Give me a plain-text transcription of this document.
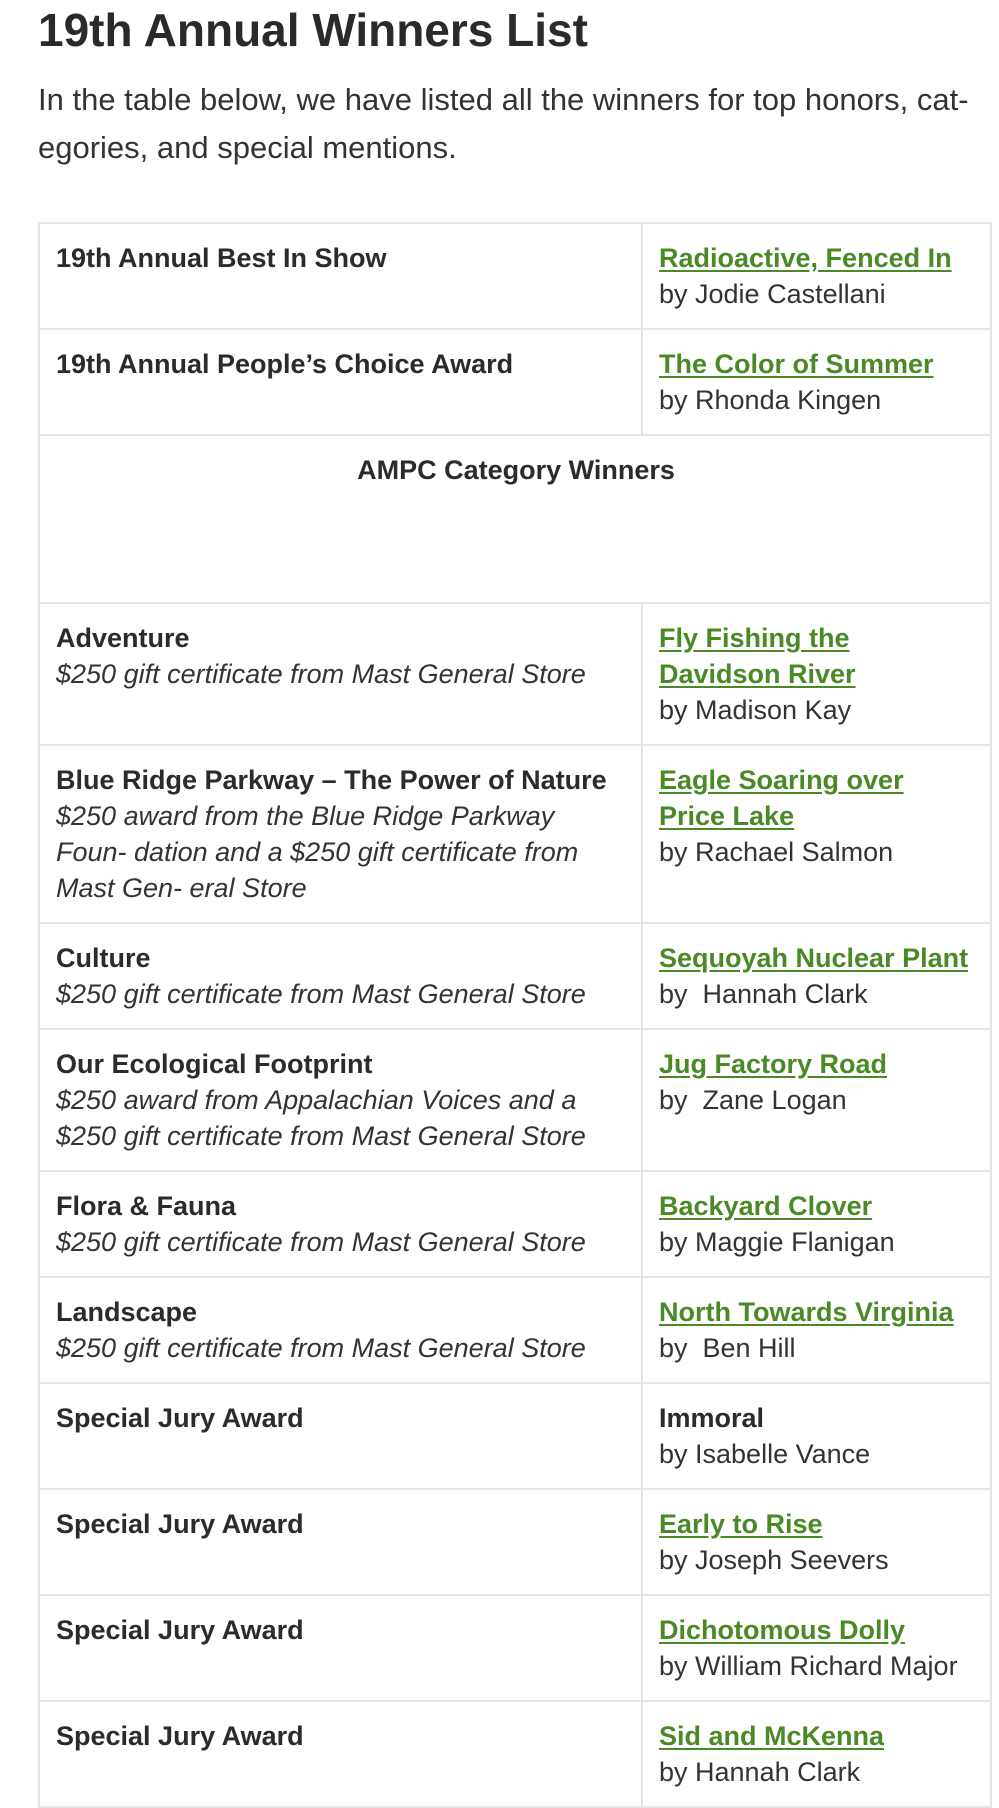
19th Annual Winners List

In the table below, we have listed all the winners for top honors, cat- egories, and special mentions.

19th Annual Best In Show	Radioactive, Fenced In
by Jodie Castellani

19th Annual People’s Choice Award	The Color of Summer
by Rhonda Kingen

AMPC Category Winners	

Adventure
$250 gift certificate from Mast General Store	Fly Fishing the Davidson River
by Madison Kay

Blue Ridge Parkway – The Power of Nature
$250 award from the Blue Ridge Parkway Foun- dation and a $250 gift certificate from Mast Gen- eral Store	Eagle Soaring over Price Lake
by Rachael Salmon

Culture
$250 gift certificate from Mast General Store	Sequoyah Nuclear Plant
by  Hannah Clark

Our Ecological Footprint
$250 award from Appalachian Voices and a $250 gift certificate from Mast General Store	Jug Factory Road
by  Zane Logan

Flora & Fauna
$250 gift certificate from Mast General Store	Backyard Clover
by Maggie Flanigan

Landscape
$250 gift certificate from Mast General Store	North Towards Virginia
by  Ben Hill

Special Jury Award	Immoral
by Isabelle Vance

Special Jury Award	Early to Rise
by Joseph Seevers

Special Jury Award	Dichotomous Dolly
by William Richard Major

Special Jury Award	Sid and McKenna
by Hannah Clark
